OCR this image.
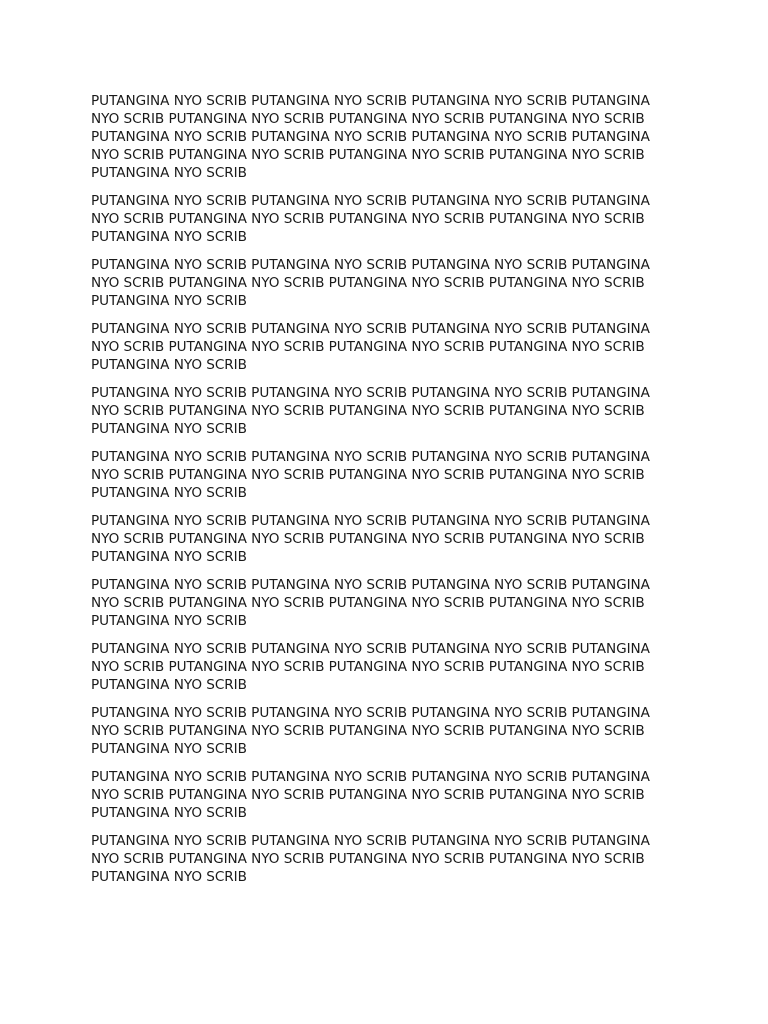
PUTANGINA NYO SCRIB PUTANGINA NYO SCRIB PUTANGINA NYO SCRIB PUTANGINA NYO SCRIB PUTANGINA NYO SCRIB PUTANGINA NYO SCRIB PUTANGINA NYO SCRIB PUTANGINA NYO SCRIB PUTANGINA NYO SCRIB PUTANGINA NYO SCRIB PUTANGINA NYO SCRIB PUTANGINA NYO SCRIB PUTANGINA NYO SCRIB PUTANGINA NYO SCRIB PUTANGINA NYO SCRIB

PUTANGINA NYO SCRIB PUTANGINA NYO SCRIB PUTANGINA NYO SCRIB PUTANGINA NYO SCRIB PUTANGINA NYO SCRIB PUTANGINA NYO SCRIB PUTANGINA NYO SCRIB PUTANGINA NYO SCRIB

PUTANGINA NYO SCRIB PUTANGINA NYO SCRIB PUTANGINA NYO SCRIB PUTANGINA NYO SCRIB PUTANGINA NYO SCRIB PUTANGINA NYO SCRIB PUTANGINA NYO SCRIB PUTANGINA NYO SCRIB

PUTANGINA NYO SCRIB PUTANGINA NYO SCRIB PUTANGINA NYO SCRIB PUTANGINA NYO SCRIB PUTANGINA NYO SCRIB PUTANGINA NYO SCRIB PUTANGINA NYO SCRIB PUTANGINA NYO SCRIB

PUTANGINA NYO SCRIB PUTANGINA NYO SCRIB PUTANGINA NYO SCRIB PUTANGINA NYO SCRIB PUTANGINA NYO SCRIB PUTANGINA NYO SCRIB PUTANGINA NYO SCRIB PUTANGINA NYO SCRIB

PUTANGINA NYO SCRIB PUTANGINA NYO SCRIB PUTANGINA NYO SCRIB PUTANGINA NYO SCRIB PUTANGINA NYO SCRIB PUTANGINA NYO SCRIB PUTANGINA NYO SCRIB PUTANGINA NYO SCRIB

PUTANGINA NYO SCRIB PUTANGINA NYO SCRIB PUTANGINA NYO SCRIB PUTANGINA NYO SCRIB PUTANGINA NYO SCRIB PUTANGINA NYO SCRIB PUTANGINA NYO SCRIB PUTANGINA NYO SCRIB

PUTANGINA NYO SCRIB PUTANGINA NYO SCRIB PUTANGINA NYO SCRIB PUTANGINA NYO SCRIB PUTANGINA NYO SCRIB PUTANGINA NYO SCRIB PUTANGINA NYO SCRIB PUTANGINA NYO SCRIB

PUTANGINA NYO SCRIB PUTANGINA NYO SCRIB PUTANGINA NYO SCRIB PUTANGINA NYO SCRIB PUTANGINA NYO SCRIB PUTANGINA NYO SCRIB PUTANGINA NYO SCRIB PUTANGINA NYO SCRIB

PUTANGINA NYO SCRIB PUTANGINA NYO SCRIB PUTANGINA NYO SCRIB PUTANGINA NYO SCRIB PUTANGINA NYO SCRIB PUTANGINA NYO SCRIB PUTANGINA NYO SCRIB PUTANGINA NYO SCRIB

PUTANGINA NYO SCRIB PUTANGINA NYO SCRIB PUTANGINA NYO SCRIB PUTANGINA NYO SCRIB PUTANGINA NYO SCRIB PUTANGINA NYO SCRIB PUTANGINA NYO SCRIB PUTANGINA NYO SCRIB

PUTANGINA NYO SCRIB PUTANGINA NYO SCRIB PUTANGINA NYO SCRIB PUTANGINA NYO SCRIB PUTANGINA NYO SCRIB PUTANGINA NYO SCRIB PUTANGINA NYO SCRIB PUTANGINA NYO SCRIB
